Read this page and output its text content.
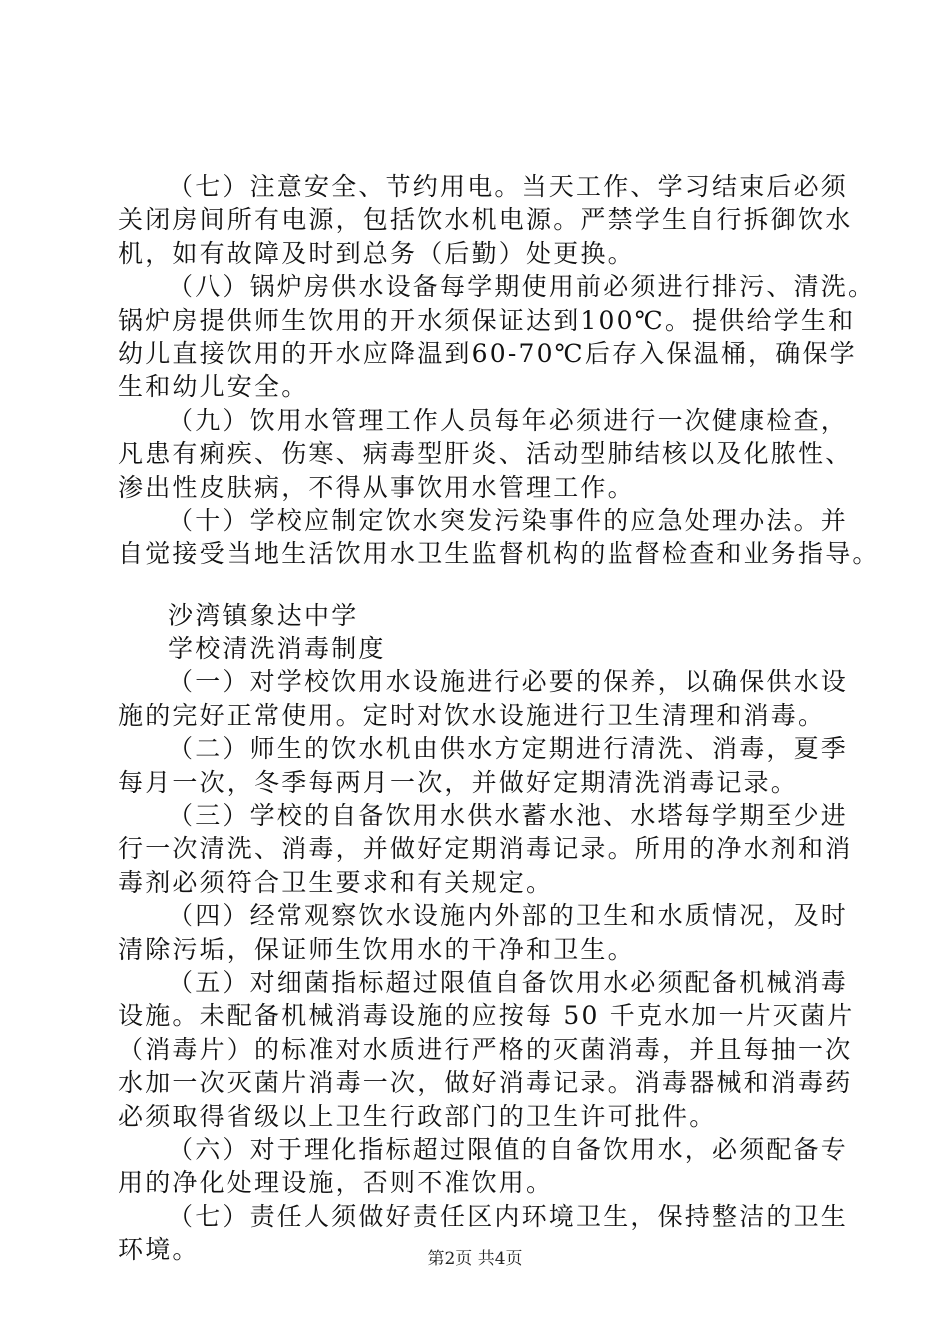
（七）注意安全、节约用电。当天工作、学习结束后必须
关闭房间所有电源，包括饮水机电源。严禁学生自行拆御饮水
机，如有故障及时到总务（后勤）处更换。
（八）锅炉房供水设备每学期使用前必须进行排污、清洗。
锅炉房提供师生饮用的开水须保证达到100℃。提供给学生和
幼儿直接饮用的开水应降温到60-70℃后存入保温桶，确保学
生和幼儿安全。
（九）饮用水管理工作人员每年必须进行一次健康检查，
凡患有痢疾、伤寒、病毒型肝炎、活动型肺结核以及化脓性、
渗出性皮肤病，不得从事饮用水管理工作。
（十）学校应制定饮水突发污染事件的应急处理办法。并
自觉接受当地生活饮用水卫生监督机构的监督检查和业务指导。
沙湾镇象达中学
学校清洗消毒制度
（一）对学校饮用水设施进行必要的保养，以确保供水设
施的完好正常使用。定时对饮水设施进行卫生清理和消毒。
（二）师生的饮水机由供水方定期进行清洗、消毒，夏季
每月一次，冬季每两月一次，并做好定期清洗消毒记录。
（三）学校的自备饮用水供水蓄水池、水塔每学期至少进
行一次清洗、消毒，并做好定期消毒记录。所用的净水剂和消
毒剂必须符合卫生要求和有关规定。
（四）经常观察饮水设施内外部的卫生和水质情况，及时
清除污垢，保证师生饮用水的干净和卫生。
（五）对细菌指标超过限值自备饮用水必须配备机械消毒
设施。未配备机械消毒设施的应按每 50 千克水加一片灭菌片
（消毒片）的标准对水质进行严格的灭菌消毒，并且每抽一次
水加一次灭菌片消毒一次，做好消毒记录。消毒器械和消毒药
必须取得省级以上卫生行政部门的卫生许可批件。
（六）对于理化指标超过限值的自备饮用水，必须配备专
用的净化处理设施，否则不准饮用。
（七）责任人须做好责任区内环境卫生，保持整洁的卫生
环境。	第2页 共4页
